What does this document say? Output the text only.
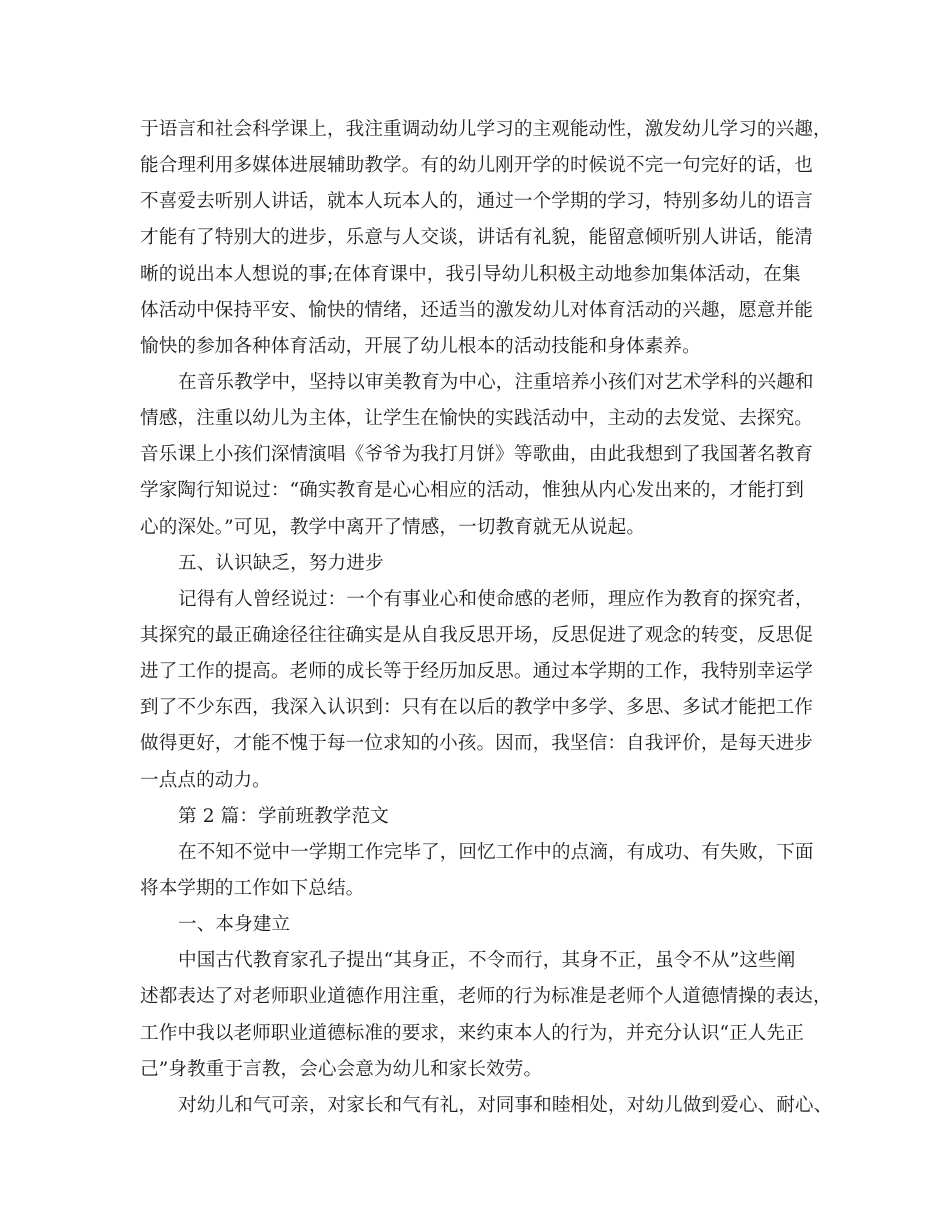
于语言和社会科学课上，我注重调动幼儿学习的主观能动性，激发幼儿学习的兴趣，
能合理利用多媒体进展辅助教学。有的幼儿刚开学的时候说不完一句完好的话，也
不喜爱去听别人讲话，就本人玩本人的，通过一个学期的学习，特别多幼儿的语言
才能有了特别大的进步，乐意与人交谈，讲话有礼貌，能留意倾听别人讲话，能清
晰的说出本人想说的事;在体育课中，我引导幼儿积极主动地参加集体活动，在集
体活动中保持平安、愉快的情绪，还适当的激发幼儿对体育活动的兴趣，愿意并能
愉快的参加各种体育活动，开展了幼儿根本的活动技能和身体素养。
在音乐教学中，坚持以审美教育为中心，注重培养小孩们对艺术学科的兴趣和
情感，注重以幼儿为主体，让学生在愉快的实践活动中，主动的去发觉、去探究。
音乐课上小孩们深情演唱《爷爷为我打月饼》等歌曲，由此我想到了我国著名教育
学家陶行知说过：“确实教育是心心相应的活动，惟独从内心发出来的，才能打到
心的深处。”可见，教学中离开了情感，一切教育就无从说起。
五、认识缺乏，努力进步
记得有人曾经说过：一个有事业心和使命感的老师，理应作为教育的探究者，
其探究的最正确途径往往确实是从自我反思开场，反思促进了观念的转变，反思促
进了工作的提高。老师的成长等于经历加反思。通过本学期的工作，我特别幸运学
到了不少东西，我深入认识到：只有在以后的教学中多学、多思、多试才能把工作
做得更好，才能不愧于每一位求知的小孩。因而，我坚信：自我评价，是每天进步
一点点的动力。
第 2 篇：学前班教学范文
在不知不觉中一学期工作完毕了，回忆工作中的点滴，有成功、有失败，下面
将本学期的工作如下总结。
一、本身建立
中国古代教育家孔子提出“其身正，不令而行，其身不正，虽令不从”这些阐
述都表达了对老师职业道德作用注重，老师的行为标准是老师个人道德情操的表达，
工作中我以老师职业道德标准的要求，来约束本人的行为，并充分认识“正人先正
己”身教重于言教，会心会意为幼儿和家长效劳。
对幼儿和气可亲，对家长和气有礼，对同事和睦相处，对幼儿做到爱心、耐心、
